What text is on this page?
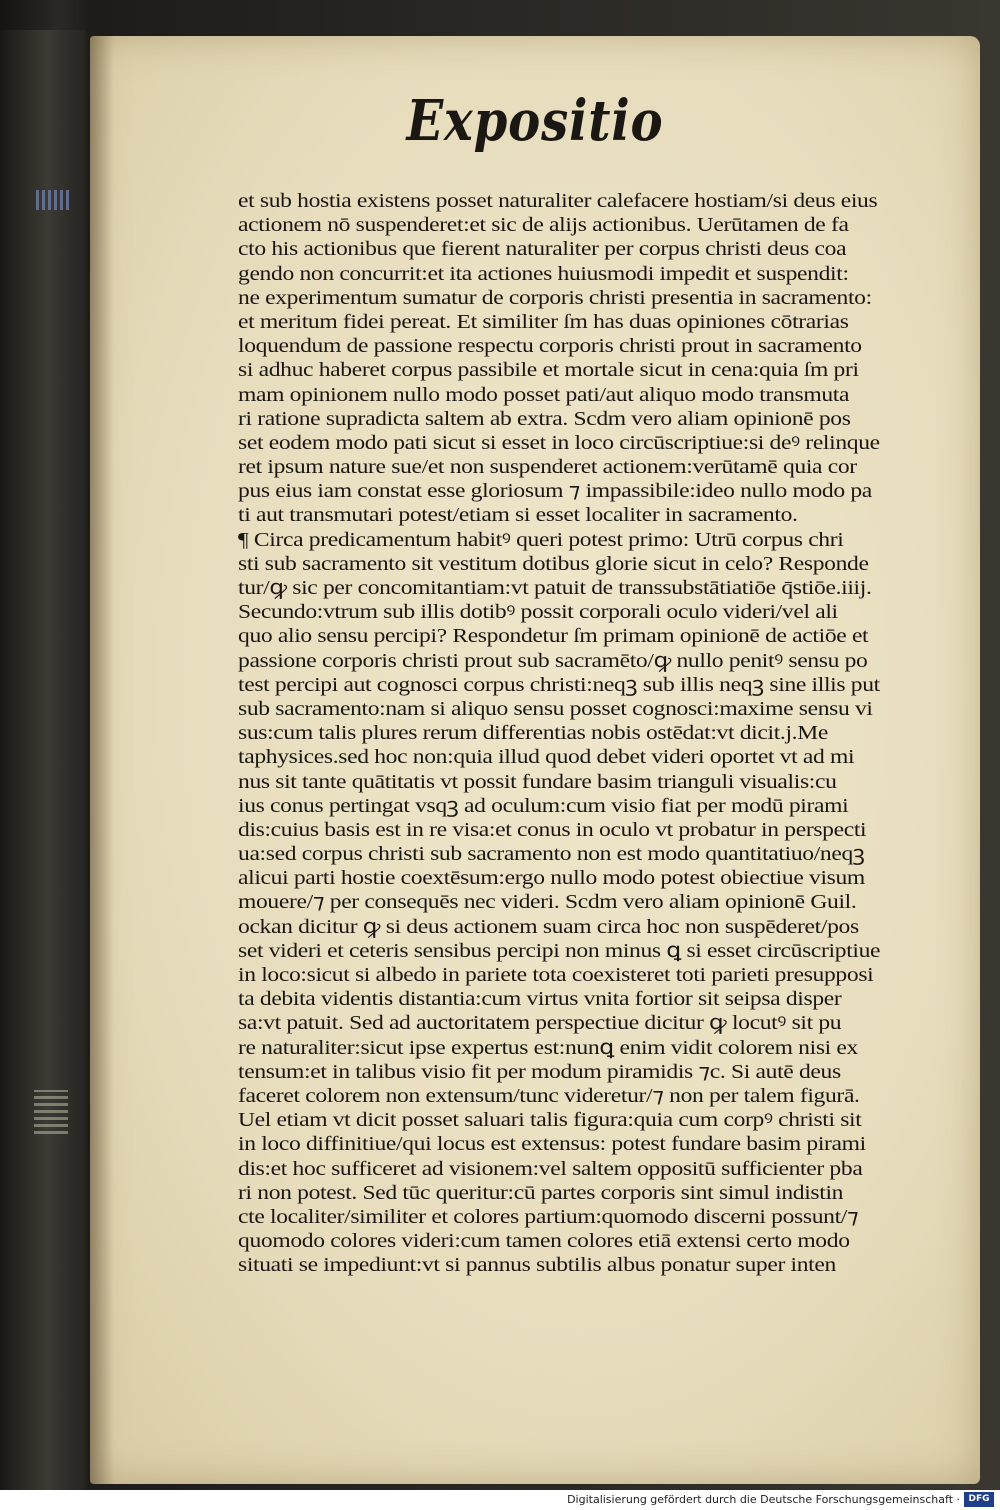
Expositio
et sub hostia existens posset naturaliter calefacere hostiam/si deus eius
actionem nō suspenderet:et sic de alijs actionibus. Uerūtamen de fa
cto his actionibus que fierent naturaliter per corpus christi deus coa
gendo non concurrit:et ita actiones huiusmodi impedit et suspendit:
ne experimentum sumatur de corporis christi presentia in sacramento:
et meritum fidei pereat. Et similiter ſm has duas opiniones cōtrarias
loquendum de passione respectu corporis christi prout in sacramento
si adhuc haberet corpus passibile et mortale sicut in cena:quia ſm pri
mam opinionem nullo modo posset pati/aut aliquo modo transmuta
ri ratione supradicta saltem ab extra. Scdm vero aliam opinionē pos
set eodem modo pati sicut si esset in loco circūscriptiue:si deꝰ relinque
ret ipsum nature sue/et non suspenderet actionem:verūtamē quia cor
pus eius iam constat esse gloriosum ⁊ impassibile:ideo nullo modo pa
ti aut transmutari potest/etiam si esset localiter in sacramento.
¶ Circa predicamentum habitꝰ queri potest primo: Utrū corpus chri
sti sub sacramento sit vestitum dotibus glorie sicut in celo? Responde
tur/ꝙ sic per concomitantiam:vt patuit de transsubstātiatiōe q̄stiōe.iiij.
Secundo:vtrum sub illis dotibꝰ possit corporali oculo videri/vel ali
quo alio sensu percipi? Respondetur ſm primam opinionē de actiōe et
passione corporis christi prout sub sacramēto/ꝙ nullo penitꝰ sensu po
test percipi aut cognosci corpus christi:neqꝫ sub illis neqꝫ sine illis put
sub sacramento:nam si aliquo sensu posset cognosci:maxime sensu vi
sus:cum talis plures rerum differentias nobis ostēdat:vt dicit.j.Me
taphysices.sed hoc non:quia illud quod debet videri oportet vt ad mi
nus sit tante quātitatis vt possit fundare basim trianguli visualis:cu
ius conus pertingat vsqꝫ ad oculum:cum visio fiat per modū pirami
dis:cuius basis est in re visa:et conus in oculo vt probatur in perspecti
ua:sed corpus christi sub sacramento non est modo quantitatiuo/neqꝫ
alicui parti hostie coextēsum:ergo nullo modo potest obiectiue visum
mouere/⁊ per consequēs nec videri. Scdm vero aliam opinionē Guil.
ockan dicitur ꝙ si deus actionem suam circa hoc non suspēderet/pos
set videri et ceteris sensibus percipi non minus ꝗ si esset circūscriptiue
in loco:sicut si albedo in pariete tota coexisteret toti parieti presupposi
ta debita videntis distantia:cum virtus vnita fortior sit seipsa disper
sa:vt patuit. Sed ad auctoritatem perspectiue dicitur ꝙ locutꝰ sit pu
re naturaliter:sicut ipse expertus est:nunꝗ enim vidit colorem nisi ex
tensum:et in talibus visio fit per modum piramidis ⁊c. Si autē deus
faceret colorem non extensum/tunc videretur/⁊ non per talem figurā.
Uel etiam vt dicit posset saluari talis figura:quia cum corpꝰ christi sit
in loco diffinitiue/qui locus est extensus: potest fundare basim pirami
dis:et hoc sufficeret ad visionem:vel saltem oppositū sufficienter pba
ri non potest. Sed tūc queritur:cū partes corporis sint simul indistin
cte localiter/similiter et colores partium:quomodo discerni possunt/⁊
quomodo colores videri:cum tamen colores etiā extensi certo modo
situati se impediunt:vt si pannus subtilis albus ponatur super inten
Digitalisierung gefördert durch die Deutsche Forschungsgemeinschaft · DFG
